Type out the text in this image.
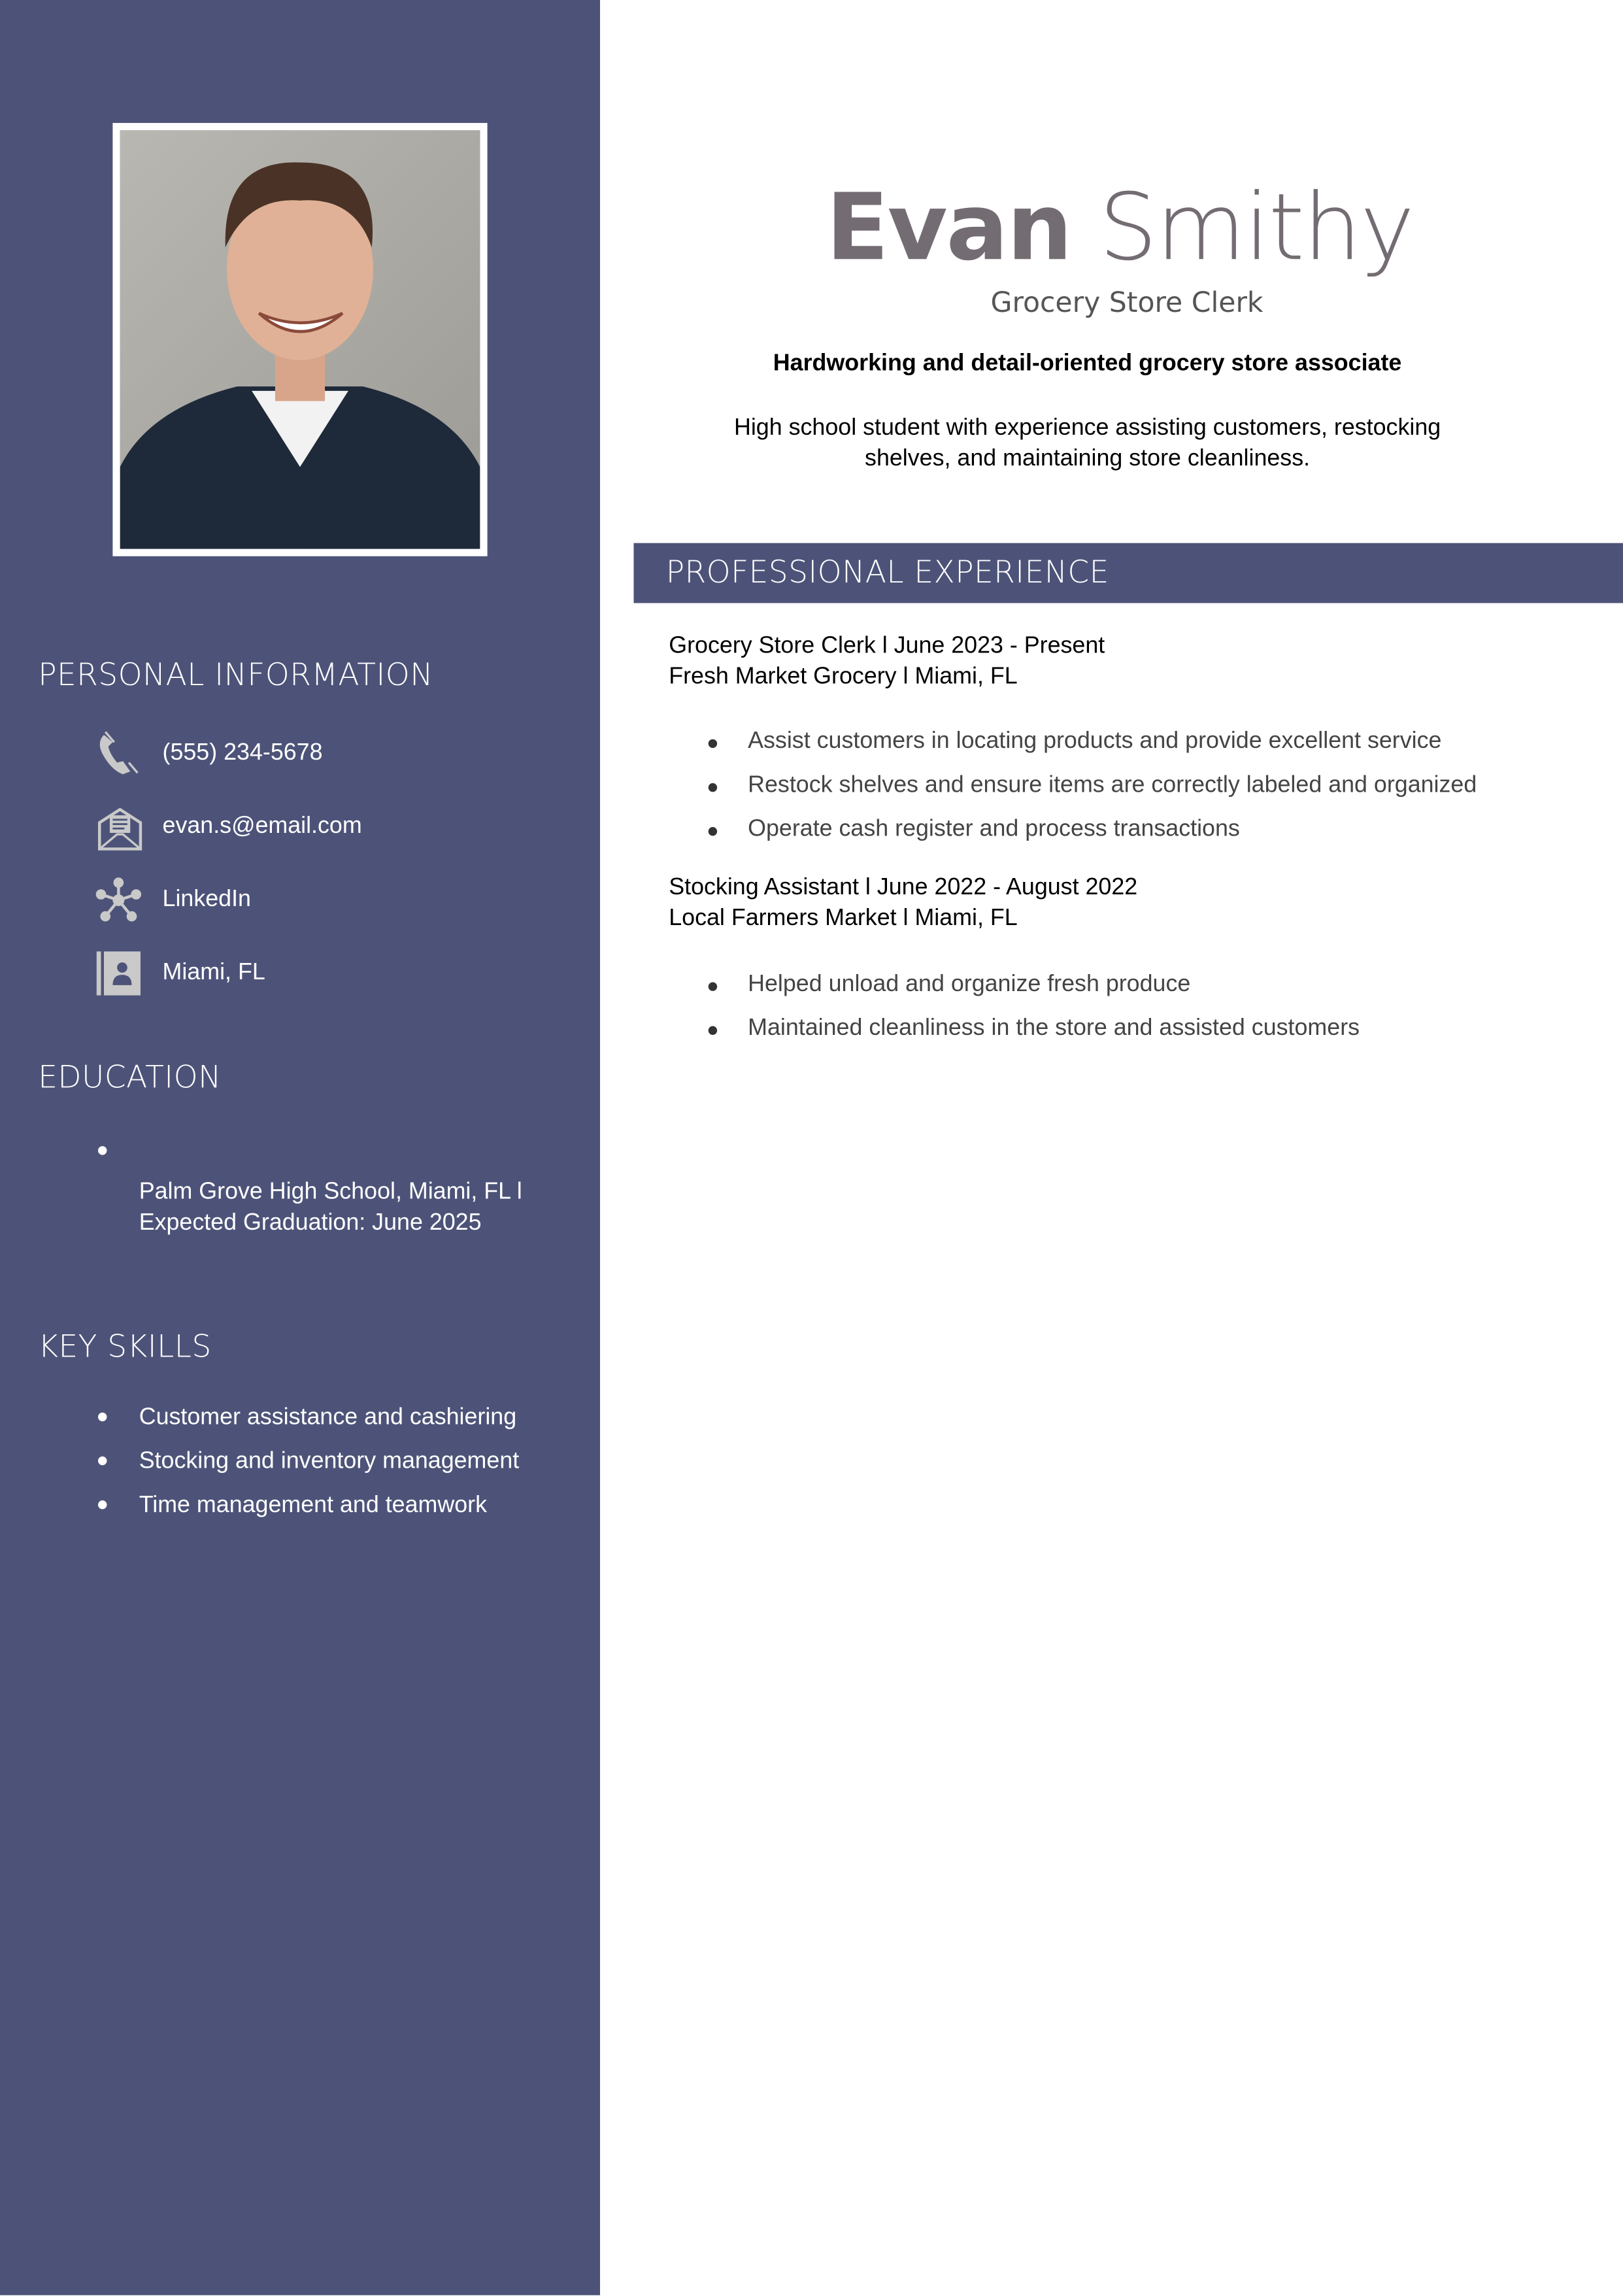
PERSONAL INFORMATION
(555) 234-5678
evan.s@email.com
LinkedIn
Miami, FL
EDUCATION
Palm Grove High School, Miami, FL l
Expected Graduation: June 2025
KEY SKILLS
Customer assistance and cashiering
Stocking and inventory management
Time management and teamwork
Evan Smithy
Grocery Store Clerk
Hardworking and detail-oriented grocery store associate
High school student with experience assisting customers, restocking
shelves, and maintaining store cleanliness.
PROFESSIONAL EXPERIENCE
Grocery Store Clerk l June 2023 - Present
Fresh Market Grocery l Miami, FL
Assist customers in locating products and provide excellent service
Restock shelves and ensure items are correctly labeled and organized
Operate cash register and process transactions
Stocking Assistant l June 2022 - August 2022
Local Farmers Market l Miami, FL
Helped unload and organize fresh produce
Maintained cleanliness in the store and assisted customers
